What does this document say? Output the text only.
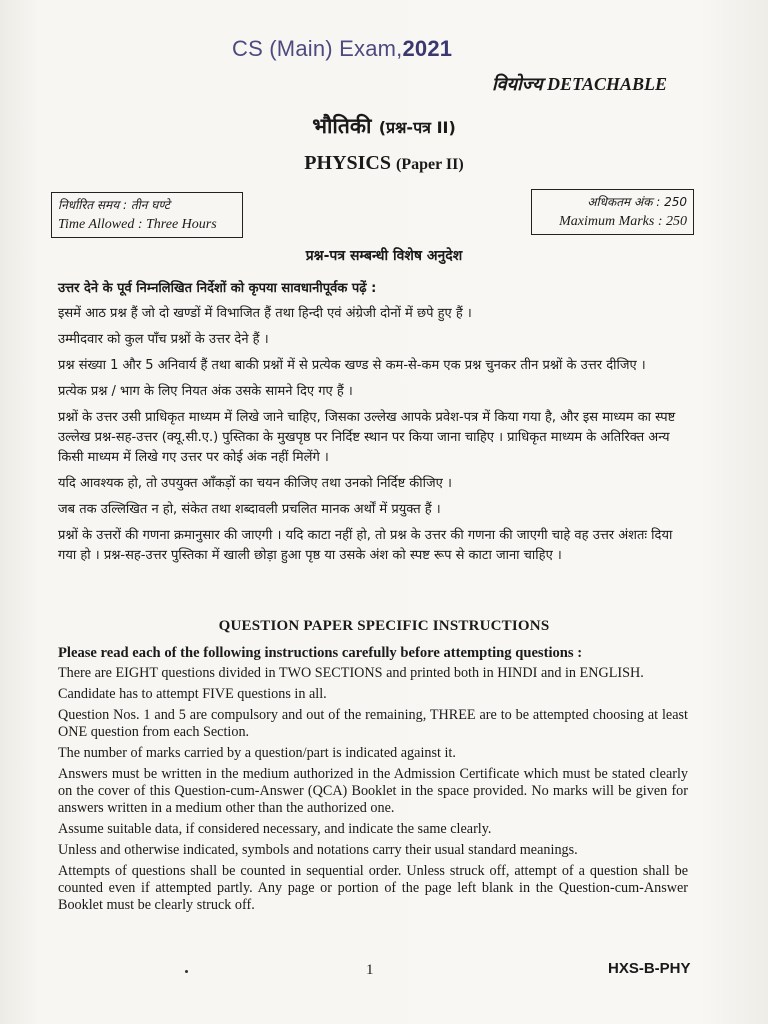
CS (Main) Exam,2021
वियोज्य DETACHABLE
भौतिकी (प्रश्न-पत्र II)
PHYSICS (Paper II)
निर्धारित समय : तीन घण्टे
Time Allowed : Three Hours
अधिकतम अंक : 250
Maximum Marks : 250
प्रश्न-पत्र सम्बन्धी विशेष अनुदेश

उत्तर देने के पूर्व निम्नलिखित निर्देशों को कृपया सावधानीपूर्वक पढ़ें :

इसमें आठ प्रश्न हैं जो दो खण्डों में विभाजित हैं तथा हिन्दी एवं अंग्रेजी दोनों में छपे हुए हैं ।

उम्मीदवार को कुल पाँच प्रश्नों के उत्तर देने हैं ।

प्रश्न संख्या 1 और 5 अनिवार्य हैं तथा बाकी प्रश्नों में से प्रत्येक खण्ड से कम-से-कम एक प्रश्न चुनकर तीन प्रश्नों के उत्तर दीजिए ।

प्रत्येक प्रश्न / भाग के लिए नियत अंक उसके सामने दिए गए हैं ।

प्रश्नों के उत्तर उसी प्राधिकृत माध्यम में लिखे जाने चाहिए, जिसका उल्लेख आपके प्रवेश-पत्र में किया गया है, और इस माध्यम का स्पष्ट उल्लेख प्रश्न-सह-उत्तर (क्यू.सी.ए.) पुस्तिका के मुखपृष्ठ पर निर्दिष्ट स्थान पर किया जाना चाहिए । प्राधिकृत माध्यम के अतिरिक्त अन्य किसी माध्यम में लिखे गए उत्तर पर कोई अंक नहीं मिलेंगे ।

यदि आवश्यक हो, तो उपयुक्त आँकड़ों का चयन कीजिए तथा उनको निर्दिष्ट कीजिए ।

जब तक उल्लिखित न हो, संकेत तथा शब्दावली प्रचलित मानक अर्थों में प्रयुक्त हैं ।

प्रश्नों के उत्तरों की गणना क्रमानुसार की जाएगी । यदि काटा नहीं हो, तो प्रश्न के उत्तर की गणना की जाएगी चाहे वह उत्तर अंशतः दिया गया हो । प्रश्न-सह-उत्तर पुस्तिका में खाली छोड़ा हुआ पृष्ठ या उसके अंश को स्पष्ट रूप से काटा जाना चाहिए ।

QUESTION PAPER SPECIFIC INSTRUCTIONS

Please read each of the following instructions carefully before attempting questions :

There are EIGHT questions divided in TWO SECTIONS and printed both in HINDI and in ENGLISH.

Candidate has to attempt FIVE questions in all.

Question Nos. 1 and 5 are compulsory and out of the remaining, THREE are to be attempted choosing at least ONE question from each Section.

The number of marks carried by a question/part is indicated against it.

Answers must be written in the medium authorized in the Admission Certificate which must be stated clearly on the cover of this Question-cum-Answer (QCA) Booklet in the space provided. No marks will be given for answers written in a medium other than the authorized one.

Assume suitable data, if considered necessary, and indicate the same clearly.

Unless and otherwise indicated, symbols and notations carry their usual standard meanings.

Attempts of questions shall be counted in sequential order. Unless struck off, attempt of a question shall be counted even if attempted partly. Any page or portion of the page left blank in the Question-cum-Answer Booklet must be clearly struck off.

1	HXS-B-PHY
